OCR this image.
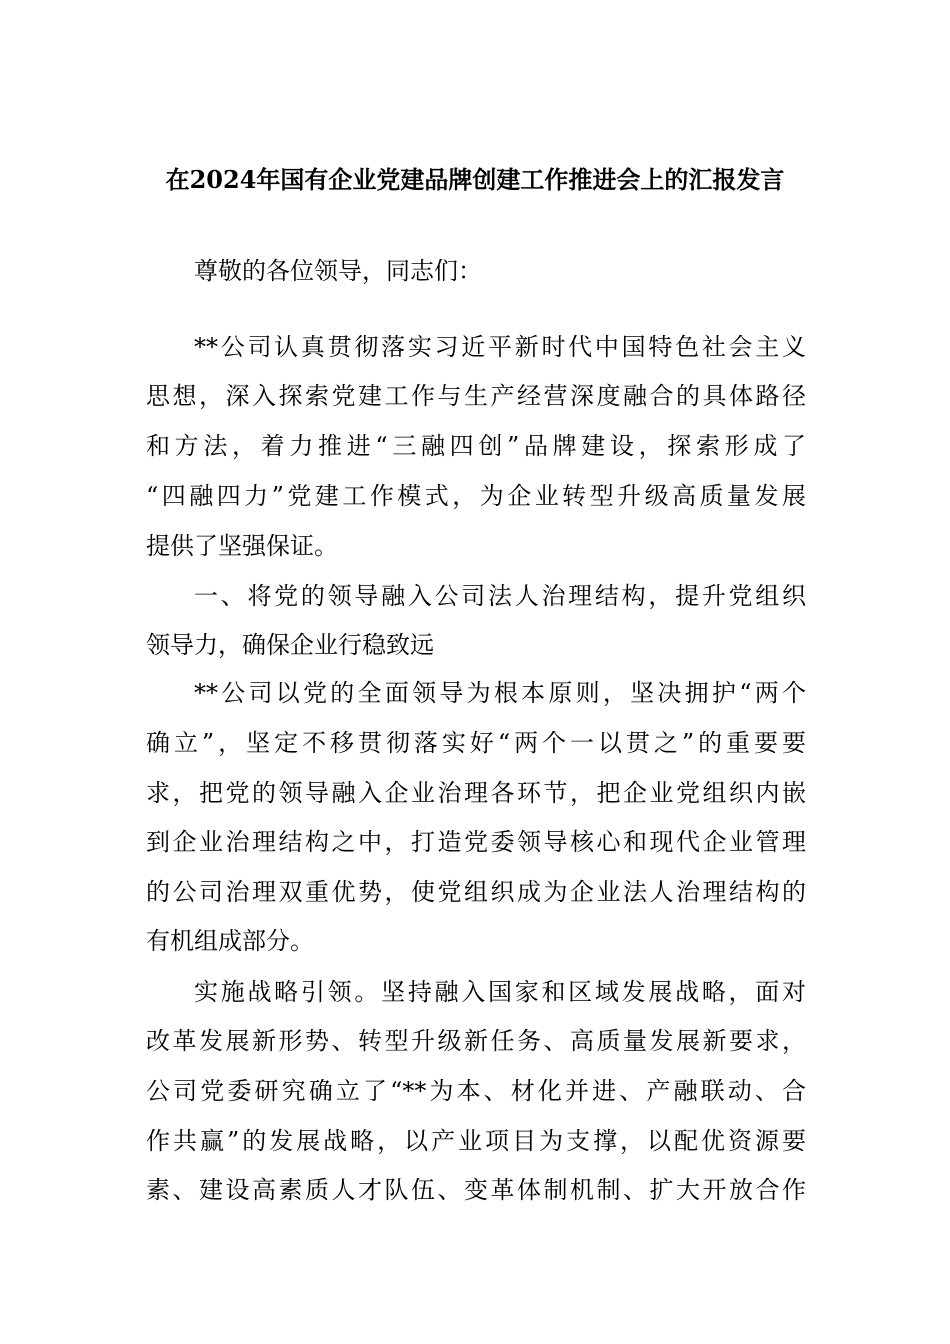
在2024年国有企业党建品牌创建工作推进会上的汇报发言
尊敬的各位领导，同志们：
**公司认真贯彻落实习近平新时代中国特色社会主义
思想，深入探索党建工作与生产经营深度融合的具体路径
和方法，着力推进“三融四创”品牌建设，探索形成了
“四融四力”党建工作模式，为企业转型升级高质量发展
提供了坚强保证。
一、将党的领导融入公司法人治理结构，提升党组织
领导力，确保企业行稳致远
**公司以党的全面领导为根本原则，坚决拥护“两个
确立”，坚定不移贯彻落实好“两个一以贯之”的重要要
求，把党的领导融入企业治理各环节，把企业党组织内嵌
到企业治理结构之中，打造党委领导核心和现代企业管理
的公司治理双重优势，使党组织成为企业法人治理结构的
有机组成部分。
实施战略引领。坚持融入国家和区域发展战略，面对
改革发展新形势、转型升级新任务、高质量发展新要求，
公司党委研究确立了“**为本、材化并进、产融联动、合
作共赢”的发展战略，以产业项目为支撑，以配优资源要
素、建设高素质人才队伍、变革体制机制、扩大开放合作
